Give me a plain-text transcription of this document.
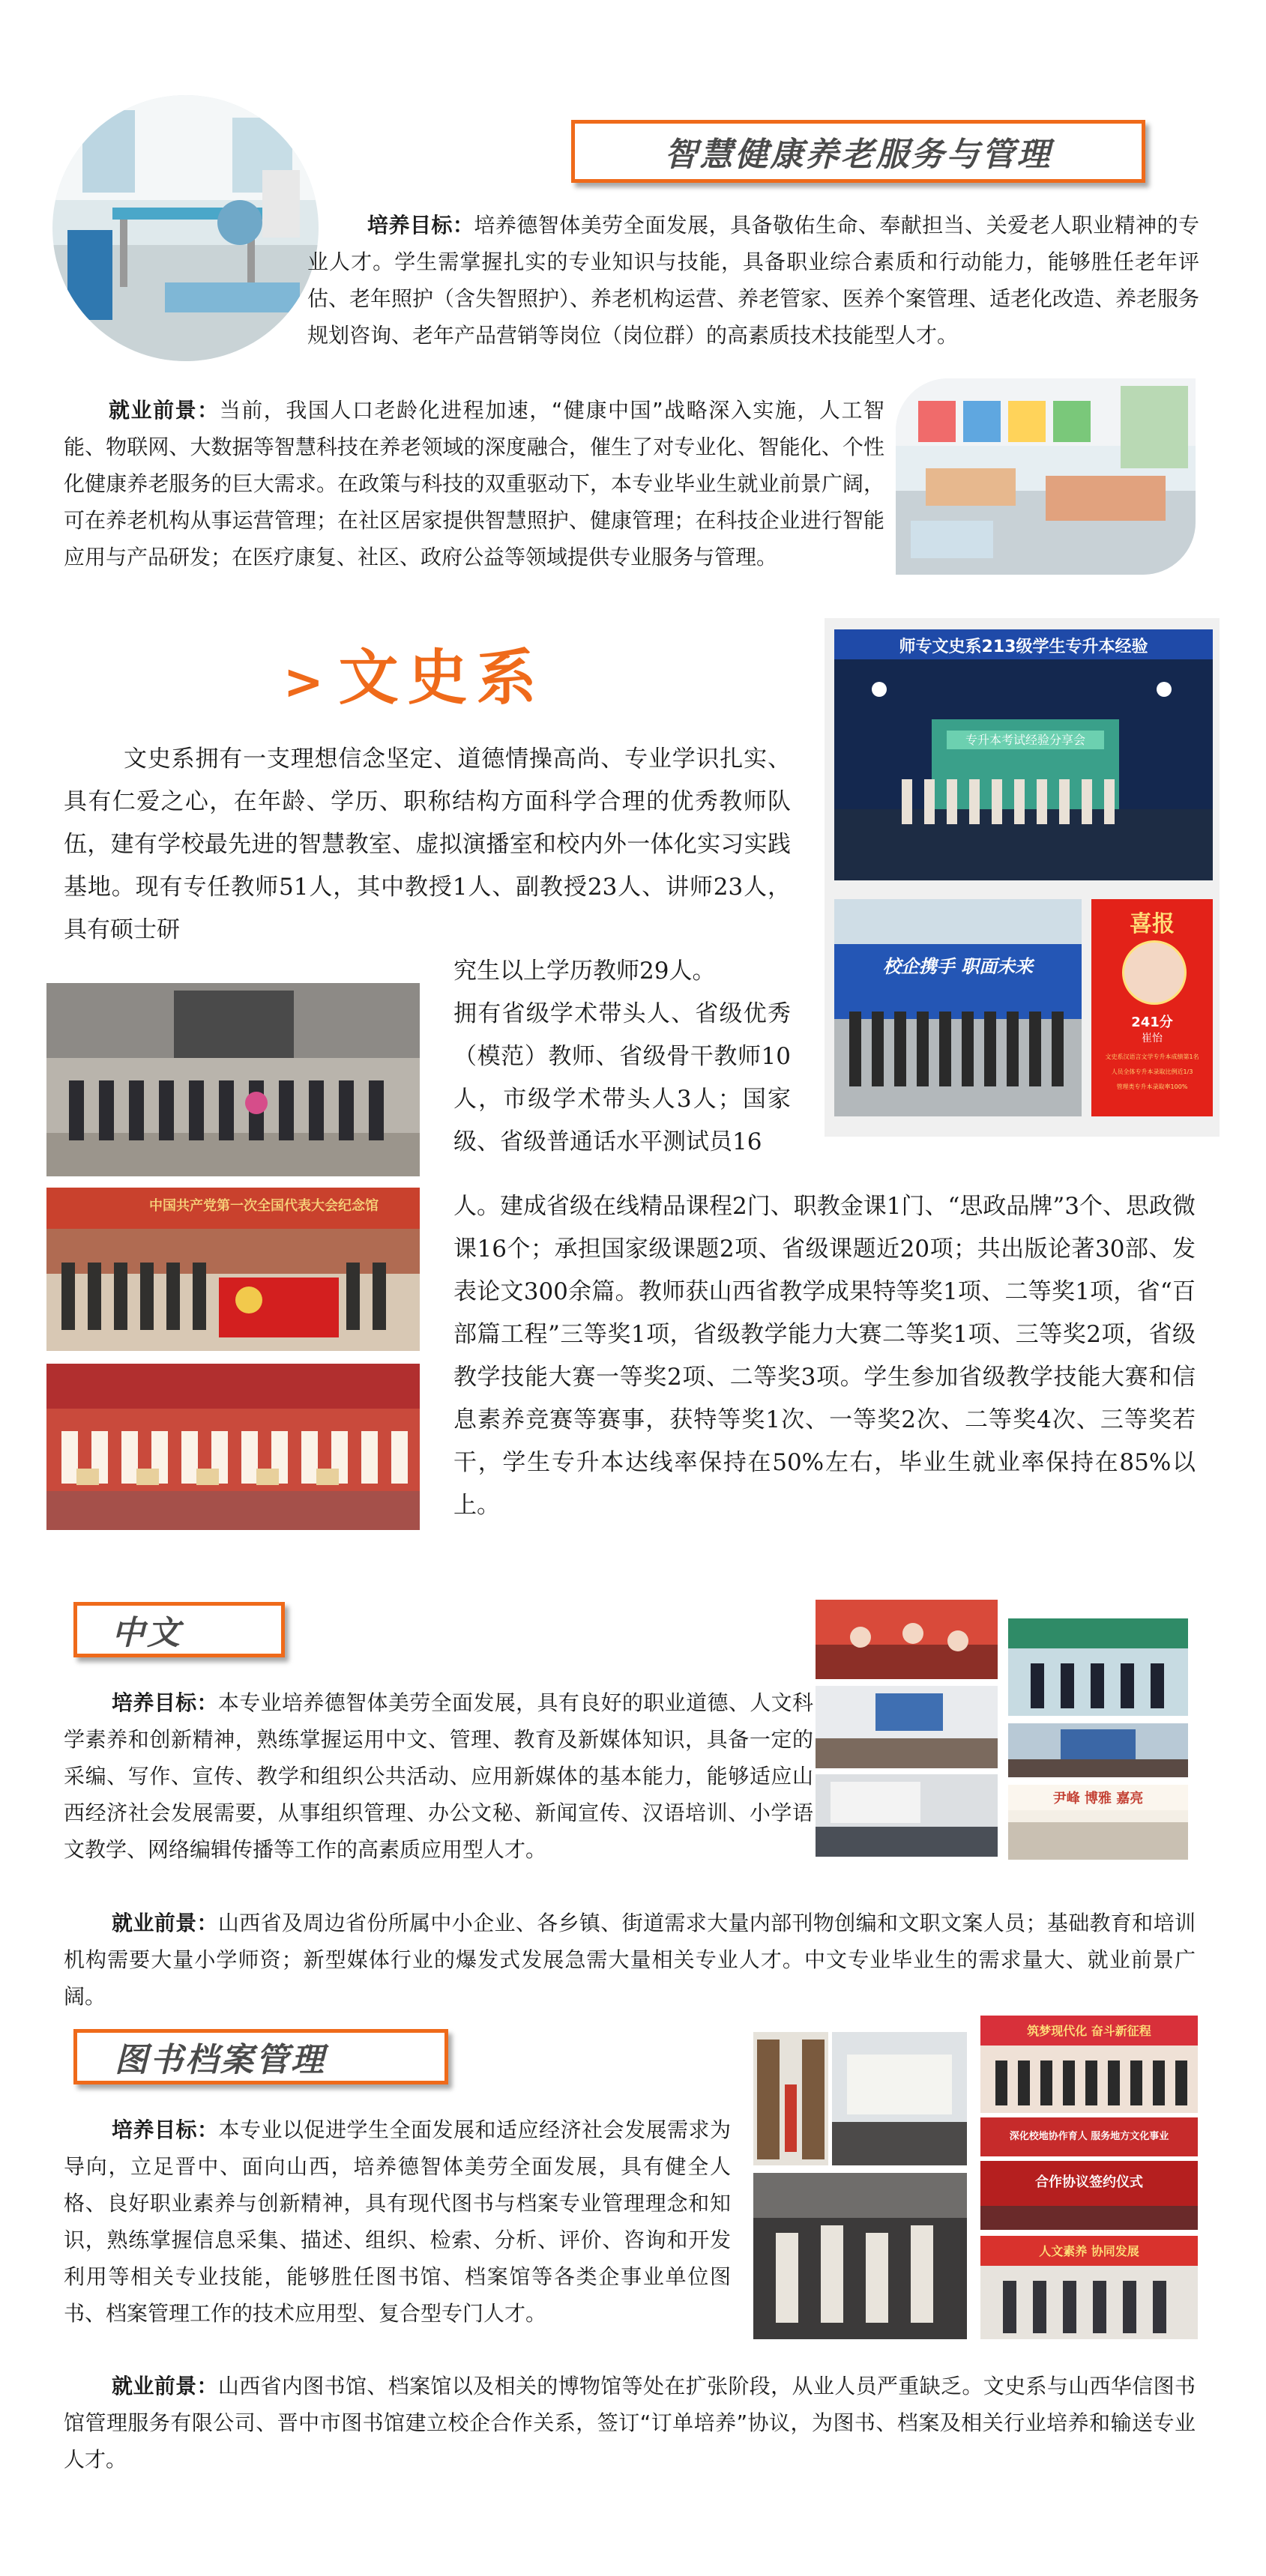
智慧健康养老服务与管理
培养目标：培养德智体美劳全面发展，具备敬佑生命、奉献担当、关爱老人职业精神的专业人才。学生需掌握扎实的专业知识与技能，具备职业综合素质和行动能力，能够胜任老年评估、老年照护（含失智照护）、养老机构运营、养老管家、医养个案管理、适老化改造、养老服务规划咨询、老年产品营销等岗位（岗位群）的高素质技术技能型人才。
就业前景：当前，我国人口老龄化进程加速，“健康中国”战略深入实施，人工智能、物联网、大数据等智慧科技在养老领域的深度融合，催生了对专业化、智能化、个性化健康养老服务的巨大需求。在政策与科技的双重驱动下，本专业毕业生就业前景广阔，可在养老机构从事运营管理；在社区居家提供智慧照护、健康管理；在科技企业进行智能应用与产品研发；在医疗康复、社区、政府公益等领域提供专业服务与管理。
>文史系
文史系拥有一支理想信念坚定、道德情操高尚、专业学识扎实、具有仁爱之心，在年龄、学历、职称结构方面科学合理的优秀教师队伍，建有学校最先进的智慧教室、虚拟演播室和校内外一体化实习实践基地。现有专任教师51人，其中教授1人、副教授23人、讲师23人，具有硕士研
究生以上学历教师29人。
拥有省级学术带头人、省级优秀（模范）教师、省级骨干教师10人，市级学术带头人3人；国家级、省级普通话水平测试员16
人。建成省级在线精品课程2门、职教金课1门、“思政品牌”3个、思政微课16个；承担国家级课题2项、省级课题近20项；共出版论著30部、发表论文300余篇。教师获山西省教学成果特等奖1项、二等奖1项，省“百部篇工程”三等奖1项，省级教学能力大赛二等奖1项、三等奖2项，省级教学技能大赛一等奖2项、二等奖3项。学生参加省级教学技能大赛和信息素养竞赛等赛事，获特等奖1次、一等奖2次、二等奖4次、三等奖若干，学生专升本达线率保持在50%左右，毕业生就业率保持在85%以上。
师专文史系213级学生专升本经验
专升本考试经验分享会
校企携手 职面未来
喜报
241分
崔怡
文史系汉语言文学专升本成绩第1名
人员全体专升本录取比例近1/3
管理类专升本录取率100%
中国共产党第一次全国代表大会纪念馆
中文
培养目标：本专业培养德智体美劳全面发展，具有良好的职业道德、人文科学素养和创新精神，熟练掌握运用中文、管理、教育及新媒体知识，具备一定的采编、写作、宣传、教学和组织公共活动、应用新媒体的基本能力，能够适应山西经济社会发展需要，从事组织管理、办公文秘、新闻宣传、汉语培训、小学语文教学、网络编辑传播等工作的高素质应用型人才。
就业前景：山西省及周边省份所属中小企业、各乡镇、街道需求大量内部刊物创编和文职文案人员；基础教育和培训机构需要大量小学师资；新型媒体行业的爆发式发展急需大量相关专业人才。中文专业毕业生的需求量大、就业前景广阔。
尹峰 博雅 嘉亮
图书档案管理
培养目标：本专业以促进学生全面发展和适应经济社会发展需求为导向，立足晋中、面向山西，培养德智体美劳全面发展，具有健全人格、良好职业素养与创新精神，具有现代图书与档案专业管理理念和知识，熟练掌握信息采集、描述、组织、检索、分析、评价、咨询和开发利用等相关专业技能，能够胜任图书馆、档案馆等各类企事业单位图书、档案管理工作的技术应用型、复合型专门人才。
就业前景：山西省内图书馆、档案馆以及相关的博物馆等处在扩张阶段，从业人员严重缺乏。文史系与山西华信图书馆管理服务有限公司、晋中市图书馆建立校企合作关系，签订“订单培养”协议，为图书、档案及相关行业培养和输送专业人才。
筑梦现代化 奋斗新征程
深化校地协作育人 服务地方文化事业
合作协议签约仪式
人文素养 协同发展
